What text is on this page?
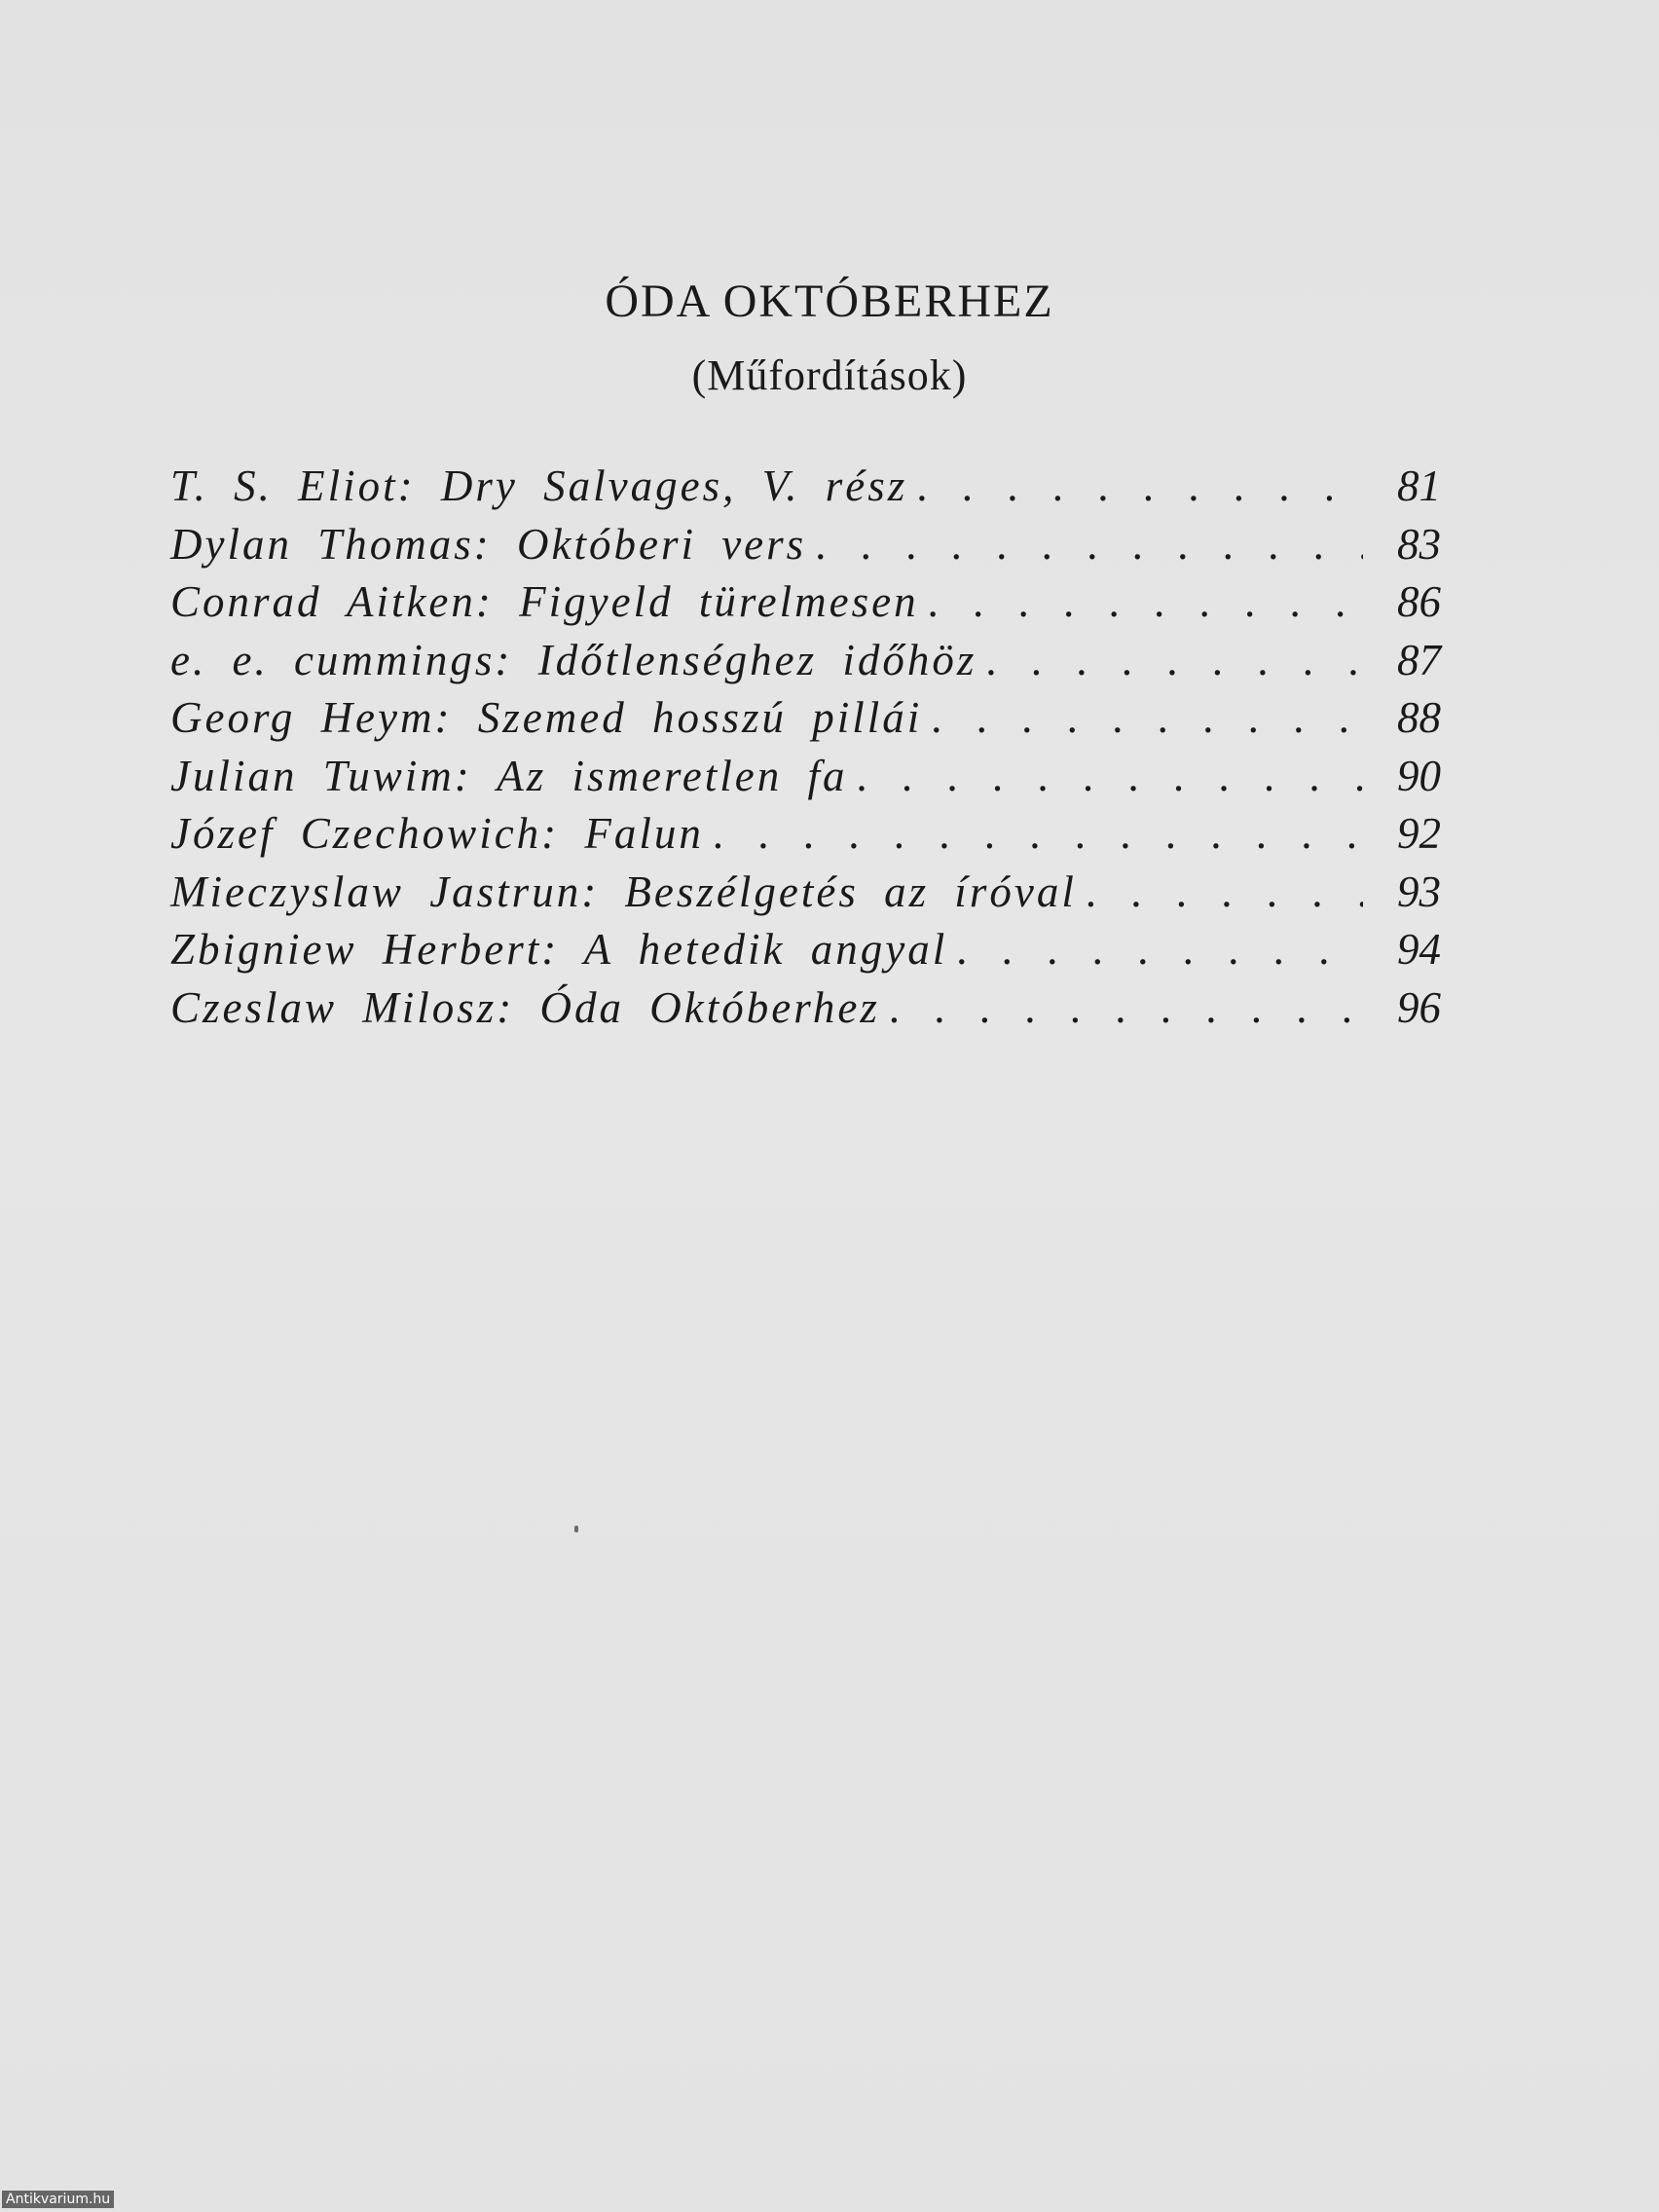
ÓDA OKTÓBERHEZ
(Műfordítások)
T. S. Eliot: Dry Salvages, V. rész . . .	81
Dylan Thomas: Októberi vers . . .	83
Conrad Aitken: Figyeld türelmesen . . .	86
e. e. cummings: Időtlenséghez időhöz . . .	87
Georg Heym: Szemed hosszú pillái . . .	88
Julian Tuwim: Az ismeretlen fa . . .	90
Józef Czechowich: Falun . . .	92
Mieczyslaw Jastrun: Beszélgetés az íróval . . .	93
Zbigniew Herbert: A hetedik angyal . . .	94
Czeslaw Milosz: Óda Októberhez . . .	96
Antikvarium.hu
